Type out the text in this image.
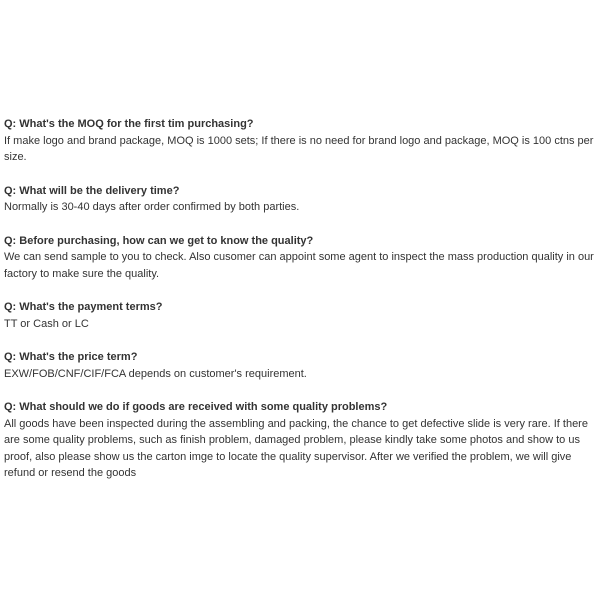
Q: What's the MOQ for the first tim purchasing?

If make logo and brand package, MOQ is 1000 sets; If there is no need for brand logo and package, MOQ is 100 ctns per size.

Q: What will be the delivery time?

Normally is 30-40 days after order confirmed by both parties.

Q: Before purchasing, how can we get to know the quality?

We can send sample to you to check. Also cusomer can appoint some agent to inspect the mass production quality in our factory to make sure the quality.

Q: What's the payment terms?

TT or Cash or LC

Q: What's the price term?

EXW/FOB/CNF/CIF/FCA depends on customer's requirement.

Q: What should we do if goods are received with some quality problems?

All goods have been inspected during the assembling and packing, the chance to get defective slide is very rare. If there are some quality problems, such as finish problem, damaged problem, please kindly take some photos and show to us proof, also please show us the carton imge to locate the quality supervisor. After we verified the problem, we will give refund or resend the goods
